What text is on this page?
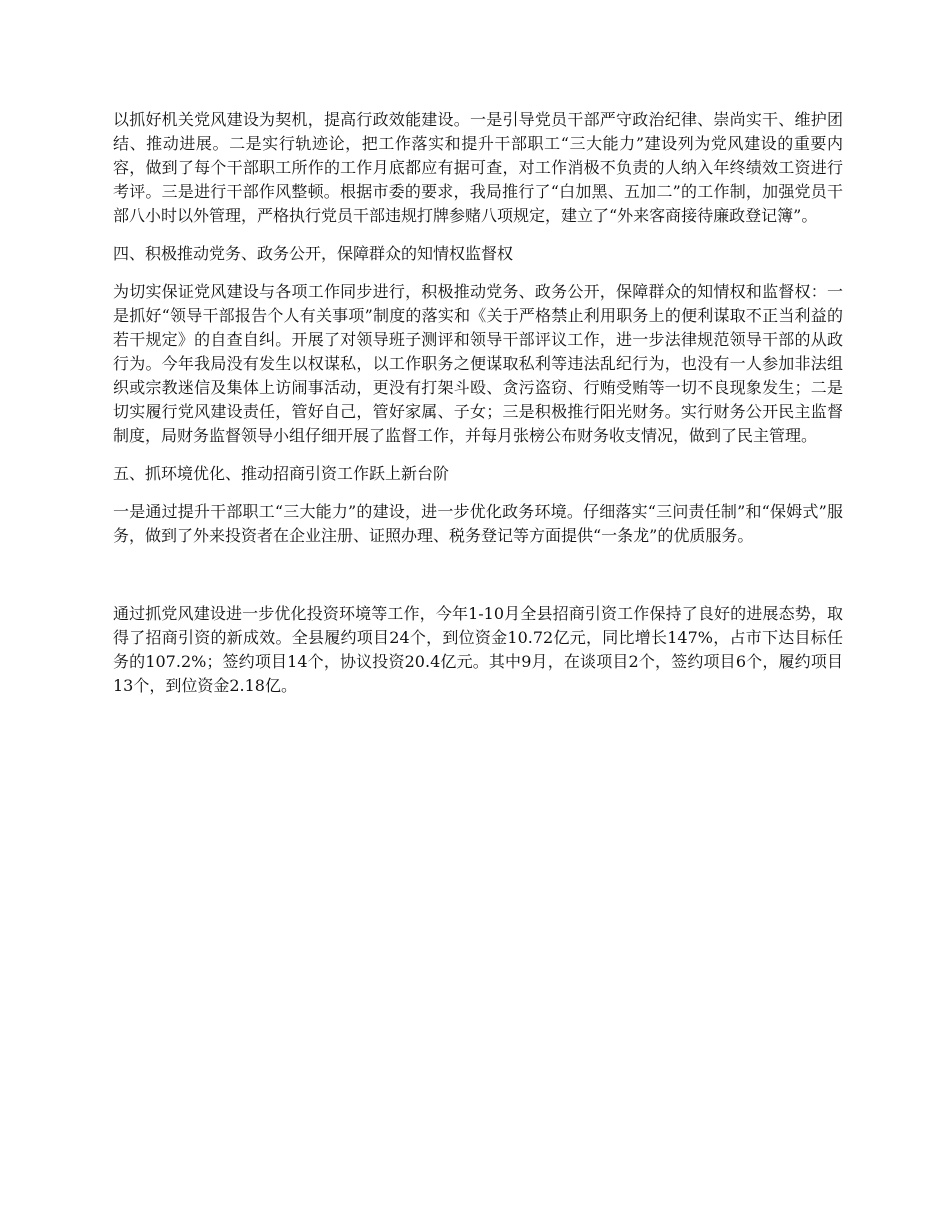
以抓好机关党风建设为契机，提高行政效能建设。一是引导党员干部严守政治纪律、崇尚实干、维护团结、推动进展。二是实行轨迹论，把工作落实和提升干部职工“三大能力”建设列为党风建设的重要内容，做到了每个干部职工所作的工作月底都应有据可查，对工作消极不负责的人纳入年终绩效工资进行考评。三是进行干部作风整顿。根据市委的要求，我局推行了“白加黑、五加二”的工作制，加强党员干部八小时以外管理，严格执行党员干部违规打牌参赌八项规定，建立了“外来客商接待廉政登记簿”。

四、积极推动党务、政务公开，保障群众的知情权监督权

为切实保证党风建设与各项工作同步进行，积极推动党务、政务公开，保障群众的知情权和监督权：一是抓好“领导干部报告个人有关事项”制度的落实和《关于严格禁止利用职务上的便利谋取不正当利益的若干规定》的自查自纠。开展了对领导班子测评和领导干部评议工作，进一步法律规范领导干部的从政行为。今年我局没有发生以权谋私，以工作职务之便谋取私利等违法乱纪行为，也没有一人参加非法组织或宗教迷信及集体上访闹事活动，更没有打架斗殴、贪污盗窃、行贿受贿等一切不良现象发生；二是切实履行党风建设责任，管好自己，管好家属、子女；三是积极推行阳光财务。实行财务公开民主监督制度，局财务监督领导小组仔细开展了监督工作，并每月张榜公布财务收支情况，做到了民主管理。

五、抓环境优化、推动招商引资工作跃上新台阶

一是通过提升干部职工“三大能力”的建设，进一步优化政务环境。仔细落实“三问责任制”和“保姆式”服务，做到了外来投资者在企业注册、证照办理、税务登记等方面提供“一条龙”的优质服务。

通过抓党风建设进一步优化投资环境等工作，今年1-10月全县招商引资工作保持了良好的进展态势，取得了招商引资的新成效。全县履约项目24个，到位资金10.72亿元，同比增长147%，占市下达目标任务的107.2%；签约项目14个，协议投资20.4亿元。其中9月，在谈项目2个，签约项目6个，履约项目13个，到位资金2.18亿。
